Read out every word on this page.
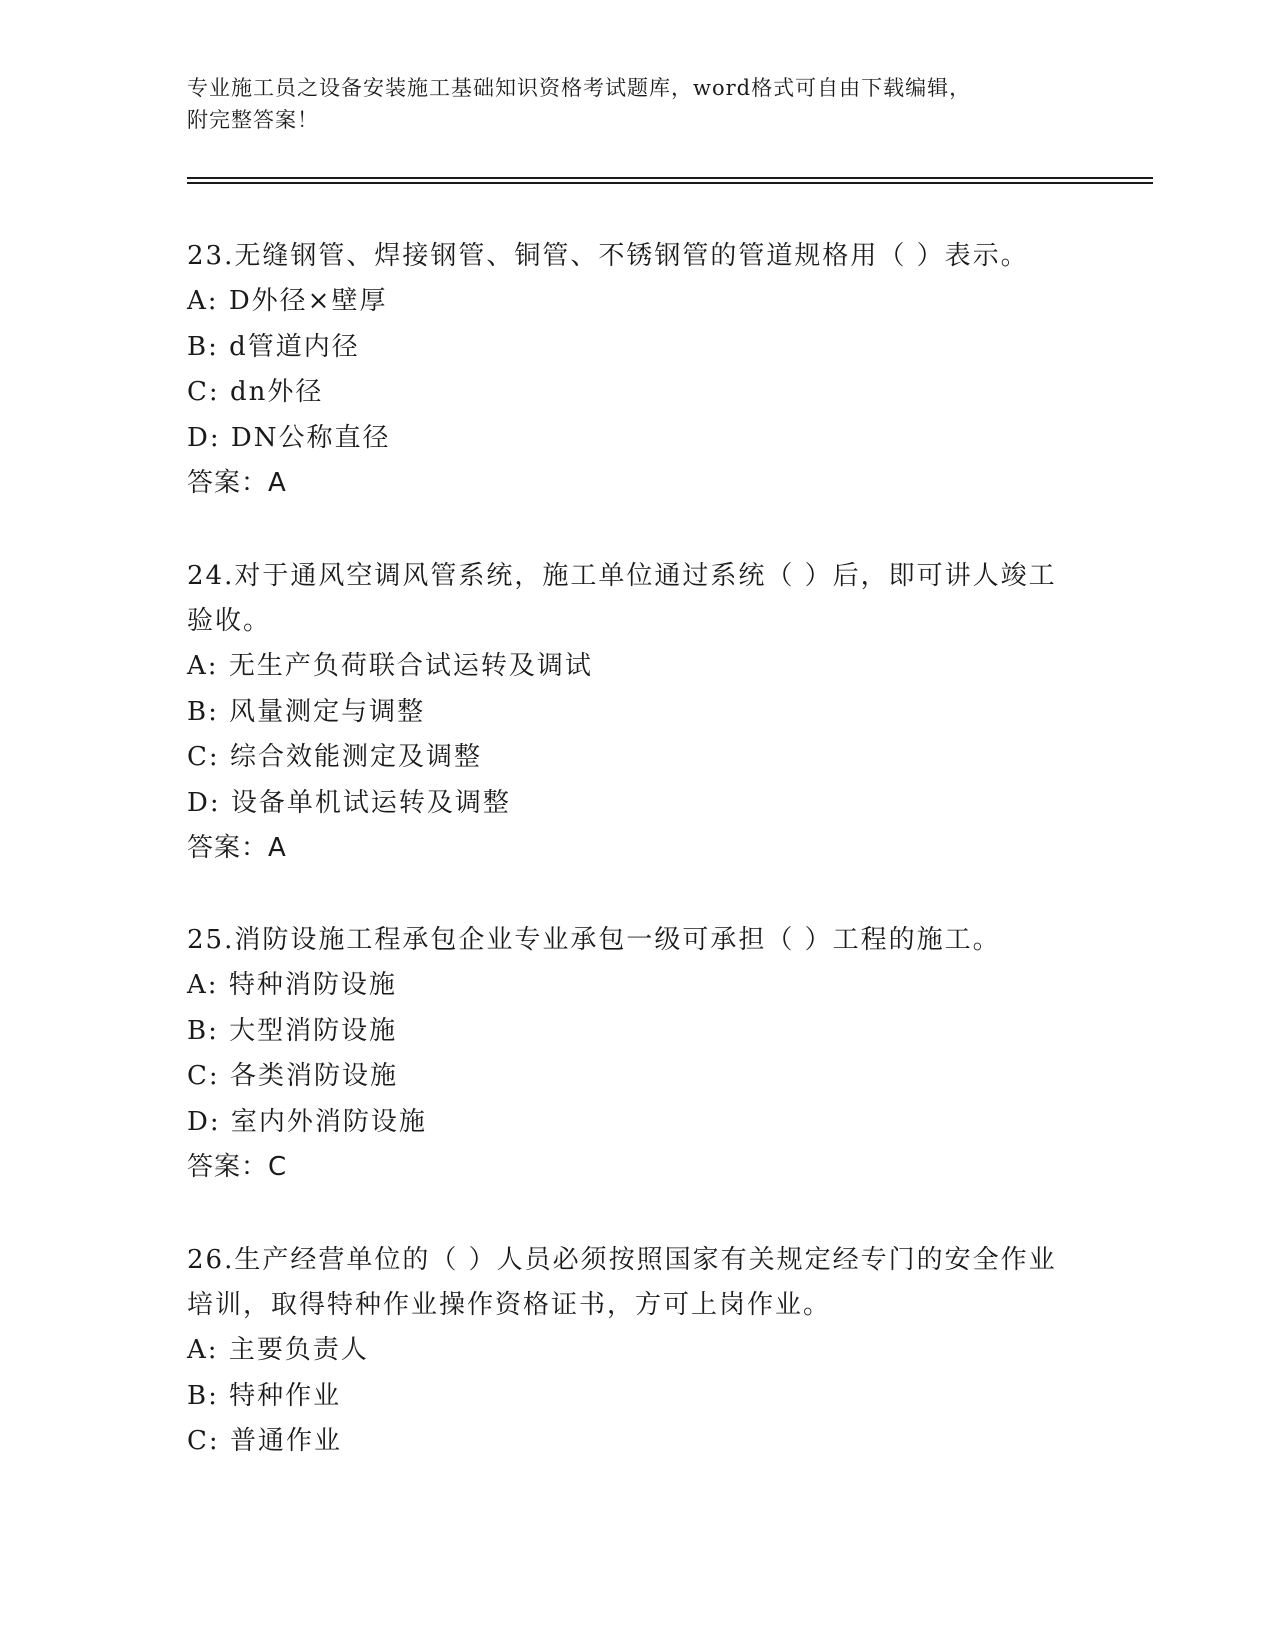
专业施工员之设备安装施工基础知识资格考试题库，word格式可自由下载编辑，
附完整答案！

23.无缝钢管、焊接钢管、铜管、不锈钢管的管道规格用（ ）表示。

A: D外径×壁厚

B: d管道内径

C: dn外径

D: DN公称直径

答案：A

24.对于通风空调风管系统，施工单位通过系统（ ）后，即可讲人竣工验收。

A: 无生产负荷联合试运转及调试

B: 风量测定与调整

C: 综合效能测定及调整

D: 设备单机试运转及调整

答案：A

25.消防设施工程承包企业专业承包一级可承担（ ）工程的施工。

A: 特种消防设施

B: 大型消防设施

C: 各类消防设施

D: 室内外消防设施

答案：C

26.生产经营单位的（ ）人员必须按照国家有关规定经专门的安全作业培训，取得特种作业操作资格证书，方可上岗作业。

A: 主要负责人

B: 特种作业

C: 普通作业
